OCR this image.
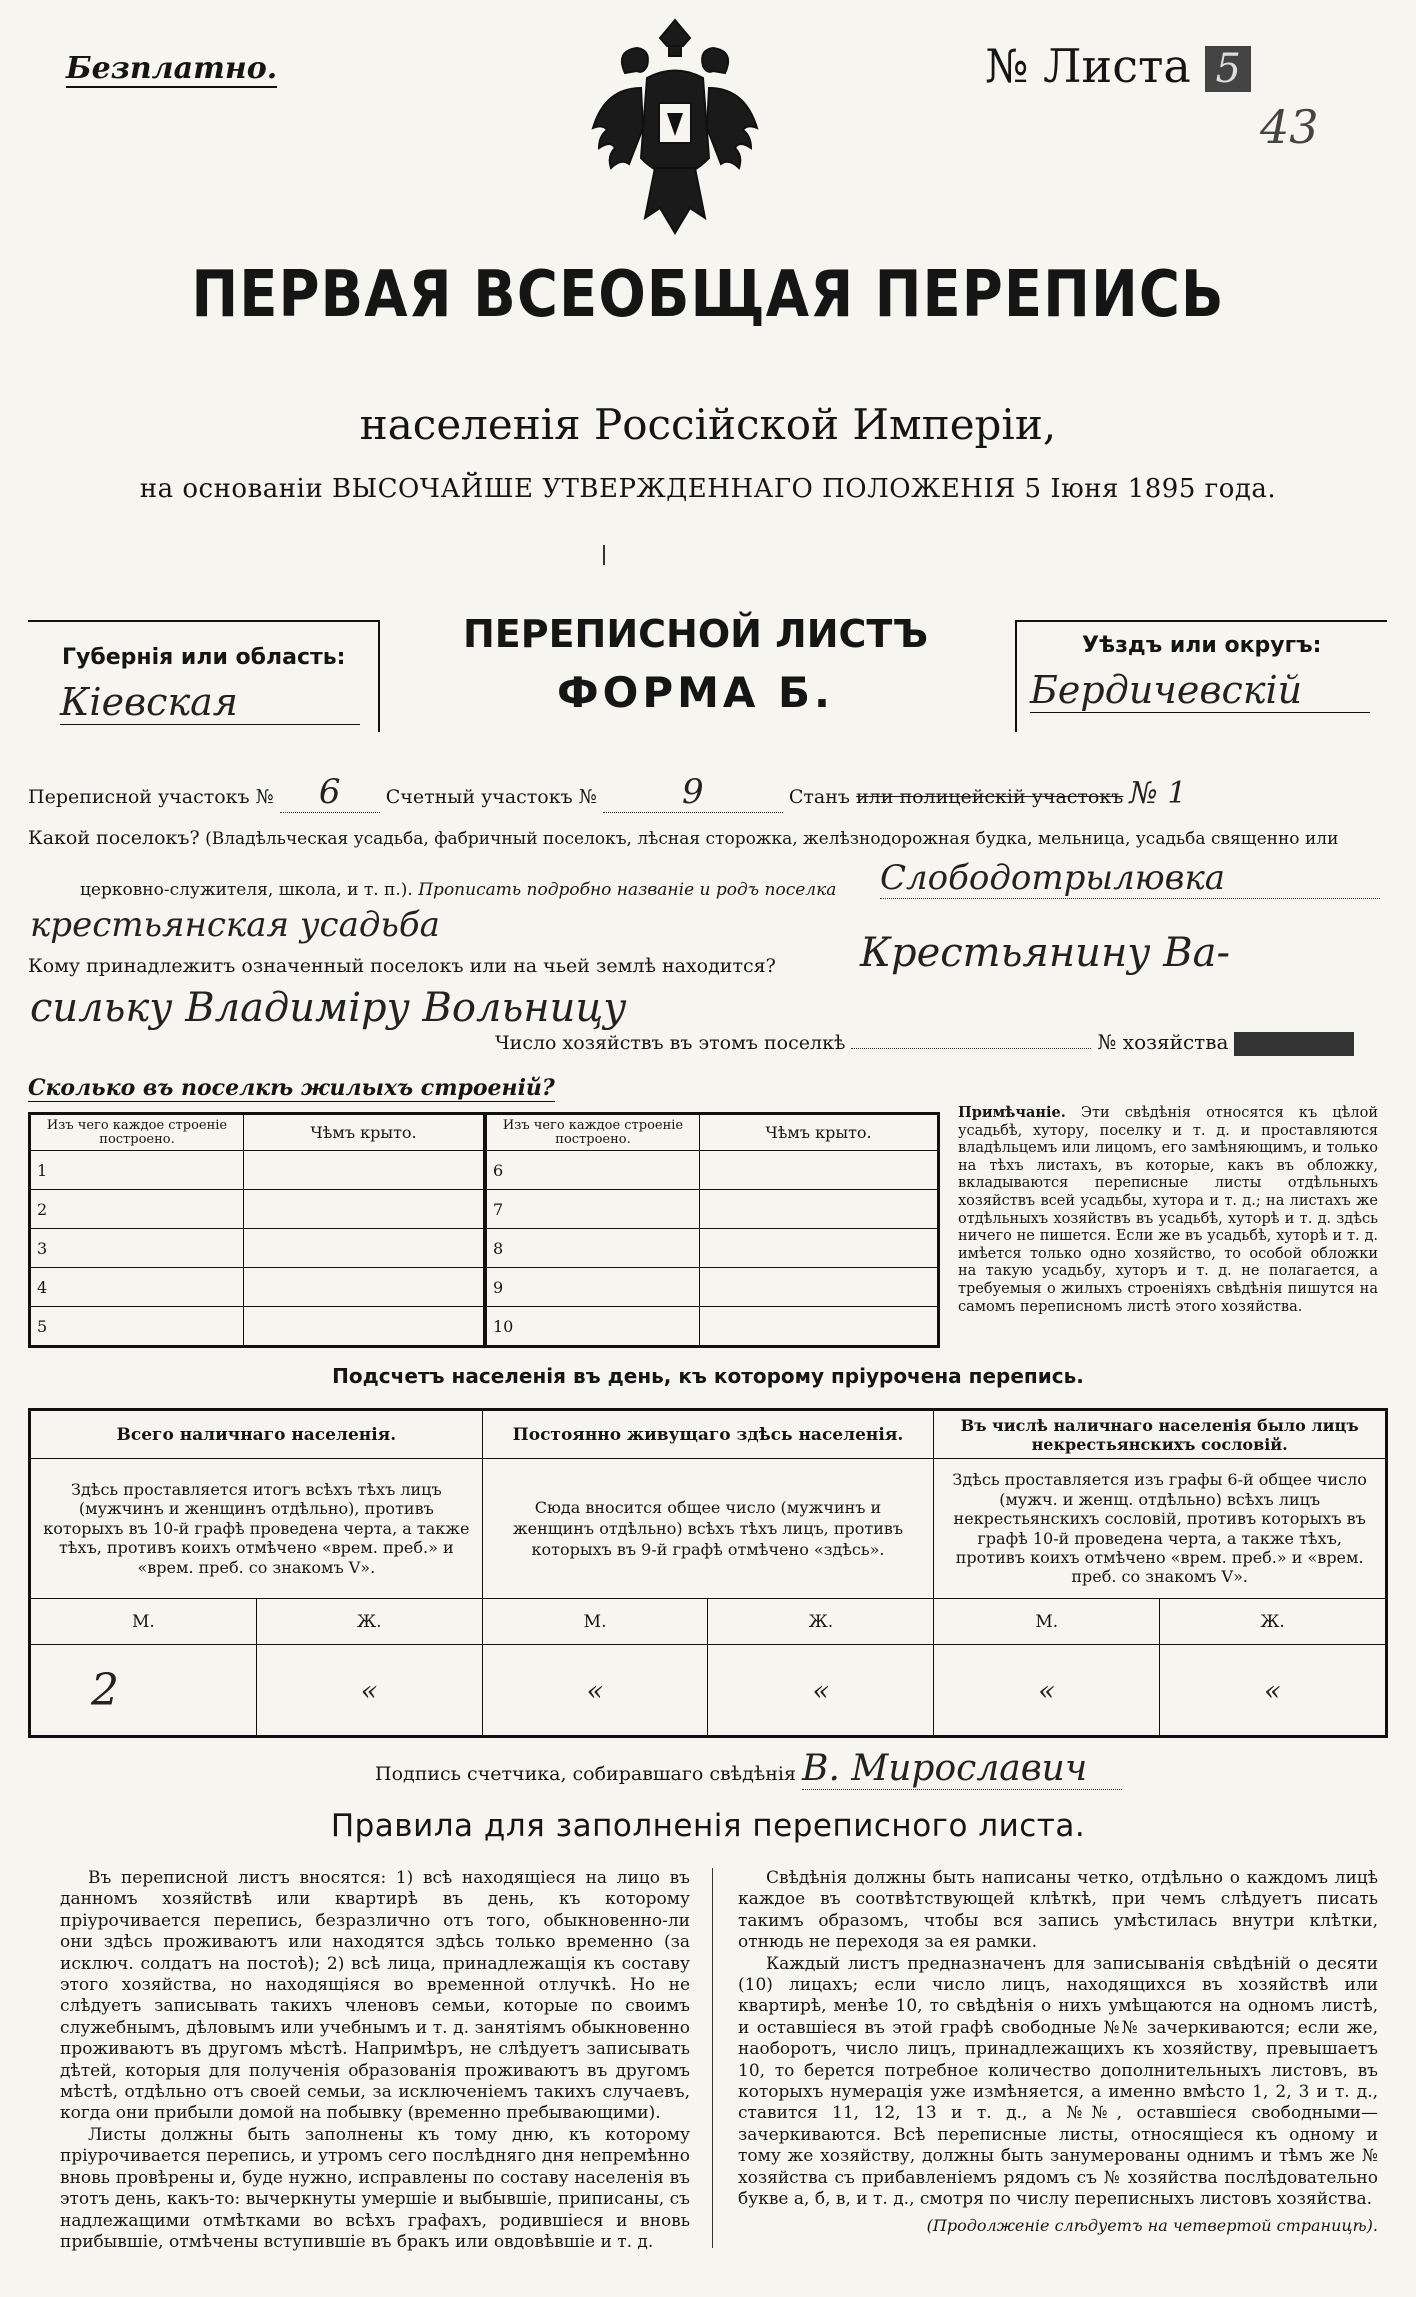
Безплатно.	№ Листа 5
43
ПЕРВАЯ ВСЕОБЩАЯ ПЕРЕПИСЬ
населенія Россійской Имперіи,
на основаніи ВЫСОЧАЙШЕ УТВЕРЖДЕННАГО ПОЛОЖЕНІЯ 5 Іюня 1895 года.
Губернія или область:
Кіевская
ПЕРЕПИСНОЙ ЛИСТЪ
ФОРМА Б.
Уѣздъ или округъ:
Бердичевскій
Переписной участокъ № 6 Счетный участокъ №	9	Станъ или полицейскій участокъ № 1
Какой поселокъ? (Владѣльческая усадьба, фабричный поселокъ, лѣсная сторожка, желѣзнодорожная будка, мельница, усадьба священно или
церковно-служителя, школа, и т. п.). Прописать подробно названіе и родъ поселка Слободотрылювка
крестьянская усадьба
Кому принадлежитъ означенный поселокъ или на чьей землѣ находится? Крестьянину Ва-
сильку Владиміру Вольницу
Число хозяйствъ въ этомъ поселкѣ	№ хозяйства
Сколько въ поселкѣ жилыхъ строеній?
Изъ чего каждое строеніе построено.	Чѣмъ крыто.
1	
2	
3	
4	
5	
Изъ чего каждое строеніе построено.	Чѣмъ крыто.
6	
7	
8	
9	
10	
Примѣчаніе. Эти свѣдѣнія относятся къ цѣлой усадьбѣ, хутору, поселку и т. д. и проставляются владѣльцемъ или лицомъ, его замѣняющимъ, и только на тѣхъ листахъ, въ которые, какъ въ обложку, вкладываются переписные листы отдѣльныхъ хозяйствъ всей усадьбы, хутора и т. д.; на листахъ же отдѣльныхъ хозяйствъ въ усадьбѣ, хуторѣ и т. д. здѣсь ничего не пишется. Если же въ усадьбѣ, хуторѣ и т. д. имѣется только одно хозяйство, то особой обложки на такую усадьбу, хуторъ и т. д. не полагается, а требуемыя о жилыхъ строеніяхъ свѣдѣнія пишутся на самомъ переписномъ листѣ этого хозяйства.
Подсчетъ населенія въ день, къ которому пріурочена перепись.
Всего наличнаго населенія.		Постоянно живущаго здѣсь населенія.		Въ числѣ наличнаго населенія было лицъ некрестьянскихъ сословій.	
Здѣсь проставляется итогъ всѣхъ тѣхъ лицъ (мужчинъ и женщинъ отдѣльно), противъ которыхъ въ 10-й графѣ проведена черта, а также тѣхъ, противъ коихъ отмѣчено «врем. преб.» и «врем. преб. со знакомъ V».		Сюда вносится общее число (мужчинъ и женщинъ отдѣльно) всѣхъ тѣхъ лицъ, противъ которыхъ въ 9-й графѣ отмѣчено «здѣсь».		Здѣсь проставляется изъ графы 6-й общее число (мужч. и женщ. отдѣльно) всѣхъ лицъ некрестьянскихъ сословій, противъ которыхъ въ графѣ 10-й проведена черта, а также тѣхъ, противъ коихъ отмѣчено «врем. преб.» и «врем. преб. со знакомъ V».	
М.	Ж.	М.	Ж.	М.	Ж.
2	«	«	«	«	«
Подпись счетчика, собиравшаго свѣдѣнія В. Мирославич
Правила для заполненія переписного листа.

Въ переписной листъ вносятся: 1) всѣ находящіеся на лицо въ данномъ хозяйствѣ или квартирѣ въ день, къ которому пріурочивается перепись, безразлично отъ того, обыкновенно-ли они здѣсь проживаютъ или находятся здѣсь только временно (за исключ. солдатъ на постоѣ); 2) всѣ лица, принадлежащія къ составу этого хозяйства, но находящіяся во временной отлучкѣ. Но не слѣдуетъ записывать такихъ членовъ семьи, которые по своимъ служебнымъ, дѣловымъ или учебнымъ и т. д. занятіямъ обыкновенно проживаютъ въ другомъ мѣстѣ. Напримѣръ, не слѣдуетъ записывать дѣтей, которыя для полученія образованія проживаютъ въ другомъ мѣстѣ, отдѣльно отъ своей семьи, за исключеніемъ такихъ случаевъ, когда они прибыли домой на побывку (временно пребывающими).

Листы должны быть заполнены къ тому дню, къ которому пріурочивается перепись, и утромъ сего послѣдняго дня непремѣнно вновь провѣрены и, буде нужно, исправлены по составу населенія въ этотъ день, какъ-то: вычеркнуты умершіе и выбывшіе, приписаны, съ надлежащими отмѣтками во всѣхъ графахъ, родившіеся и вновь прибывшіе, отмѣчены вступившіе въ бракъ или овдовѣвшіе и т. д.

Свѣдѣнія должны быть написаны четко, отдѣльно о каждомъ лицѣ каждое въ соотвѣтствующей клѣткѣ, при чемъ слѣдуетъ писать такимъ образомъ, чтобы вся запись умѣстилась внутри клѣтки, отнюдь не переходя за ея рамки.

Каждый листъ предназначенъ для записыванія свѣдѣній о десяти (10) лицахъ; если число лицъ, находящихся въ хозяйствѣ или квартирѣ, менѣе 10, то свѣдѣнія о нихъ умѣщаются на одномъ листѣ, и оставшіеся въ этой графѣ свободные №№ зачеркиваются; если же, наоборотъ, число лицъ, принадлежащихъ къ хозяйству, превышаетъ 10, то берется потребное количество дополнительныхъ листовъ, въ которыхъ нумерація уже измѣняется, а именно вмѣсто 1, 2, 3 и т. д., ставится 11, 12, 13 и т. д., а №№, оставшіеся свободными—зачеркиваются. Всѣ переписные листы, относящіеся къ одному и тому же хозяйству, должны быть занумерованы однимъ и тѣмъ же № хозяйства съ прибавленіемъ рядомъ съ № хозяйства послѣдовательно букве а, б, в, и т. д., смотря по числу переписныхъ листовъ хозяйства.

(Продолженіе слѣдуетъ на четвертой страницѣ).
